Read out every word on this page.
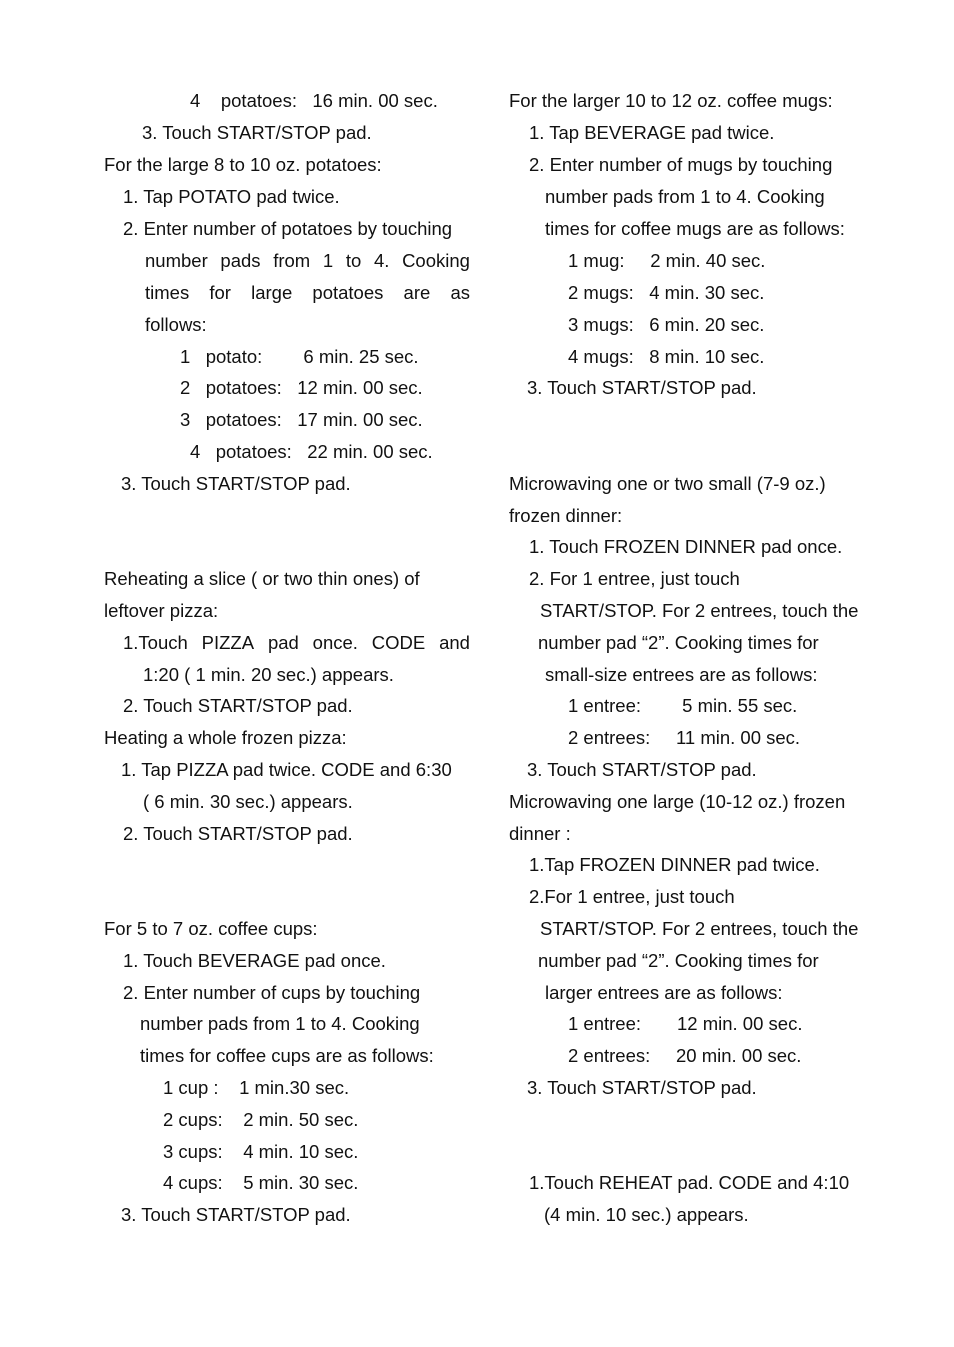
4    potatoes:   16 min. 00 sec.
3. Touch START/STOP pad.
For the large 8 to 10 oz. potatoes:
1. Tap POTATO pad twice.
2. Enter number of potatoes by touching
number pads from 1 to 4. Cooking
times for large potatoes are as
follows:
1   potato:        6 min. 25 sec.
2   potatoes:   12 min. 00 sec.
3   potatoes:   17 min. 00 sec.
4   potatoes:   22 min. 00 sec.
3. Touch START/STOP pad.
Reheating a slice ( or two thin ones) of
leftover pizza:
1.Touch PIZZA pad once. CODE and
1:20 ( 1 min. 20 sec.) appears.
2. Touch START/STOP pad.
Heating a whole frozen pizza:
1. Tap PIZZA pad twice. CODE and 6:30
( 6 min. 30 sec.) appears.
2. Touch START/STOP pad.
For 5 to 7 oz. coffee cups:
1. Touch BEVERAGE pad once.
2. Enter number of cups by touching
number pads from 1 to 4. Cooking
times for coffee cups are as follows:
1 cup :    1 min.30 sec.
2 cups:    2 min. 50 sec.
3 cups:    4 min. 10 sec.
4 cups:    5 min. 30 sec.
3. Touch START/STOP pad.
For the larger 10 to 12 oz. coffee mugs:
1. Tap BEVERAGE pad twice.
2. Enter number of mugs by touching
number pads from 1 to 4. Cooking
times for coffee mugs are as follows:
1 mug:     2 min. 40 sec.
2 mugs:   4 min. 30 sec.
3 mugs:   6 min. 20 sec.
4 mugs:   8 min. 10 sec.
3. Touch START/STOP pad.
Microwaving one or two small (7-9 oz.)
frozen dinner:
1. Touch FROZEN DINNER pad once.
2. For 1 entree, just touch
START/STOP. For 2 entrees, touch the
number pad “2”. Cooking times for
small-size entrees are as follows:
1 entree:        5 min. 55 sec.
2 entrees:     11 min. 00 sec.
3. Touch START/STOP pad.
Microwaving one large (10-12 oz.) frozen
dinner :
1.Tap FROZEN DINNER pad twice.
2.For 1 entree, just touch
START/STOP. For 2 entrees, touch the
number pad “2”. Cooking times for
larger entrees are as follows:
1 entree:       12 min. 00 sec.
2 entrees:     20 min. 00 sec.
3. Touch START/STOP pad.
1.Touch REHEAT pad. CODE and 4:10
(4 min. 10 sec.) appears.
